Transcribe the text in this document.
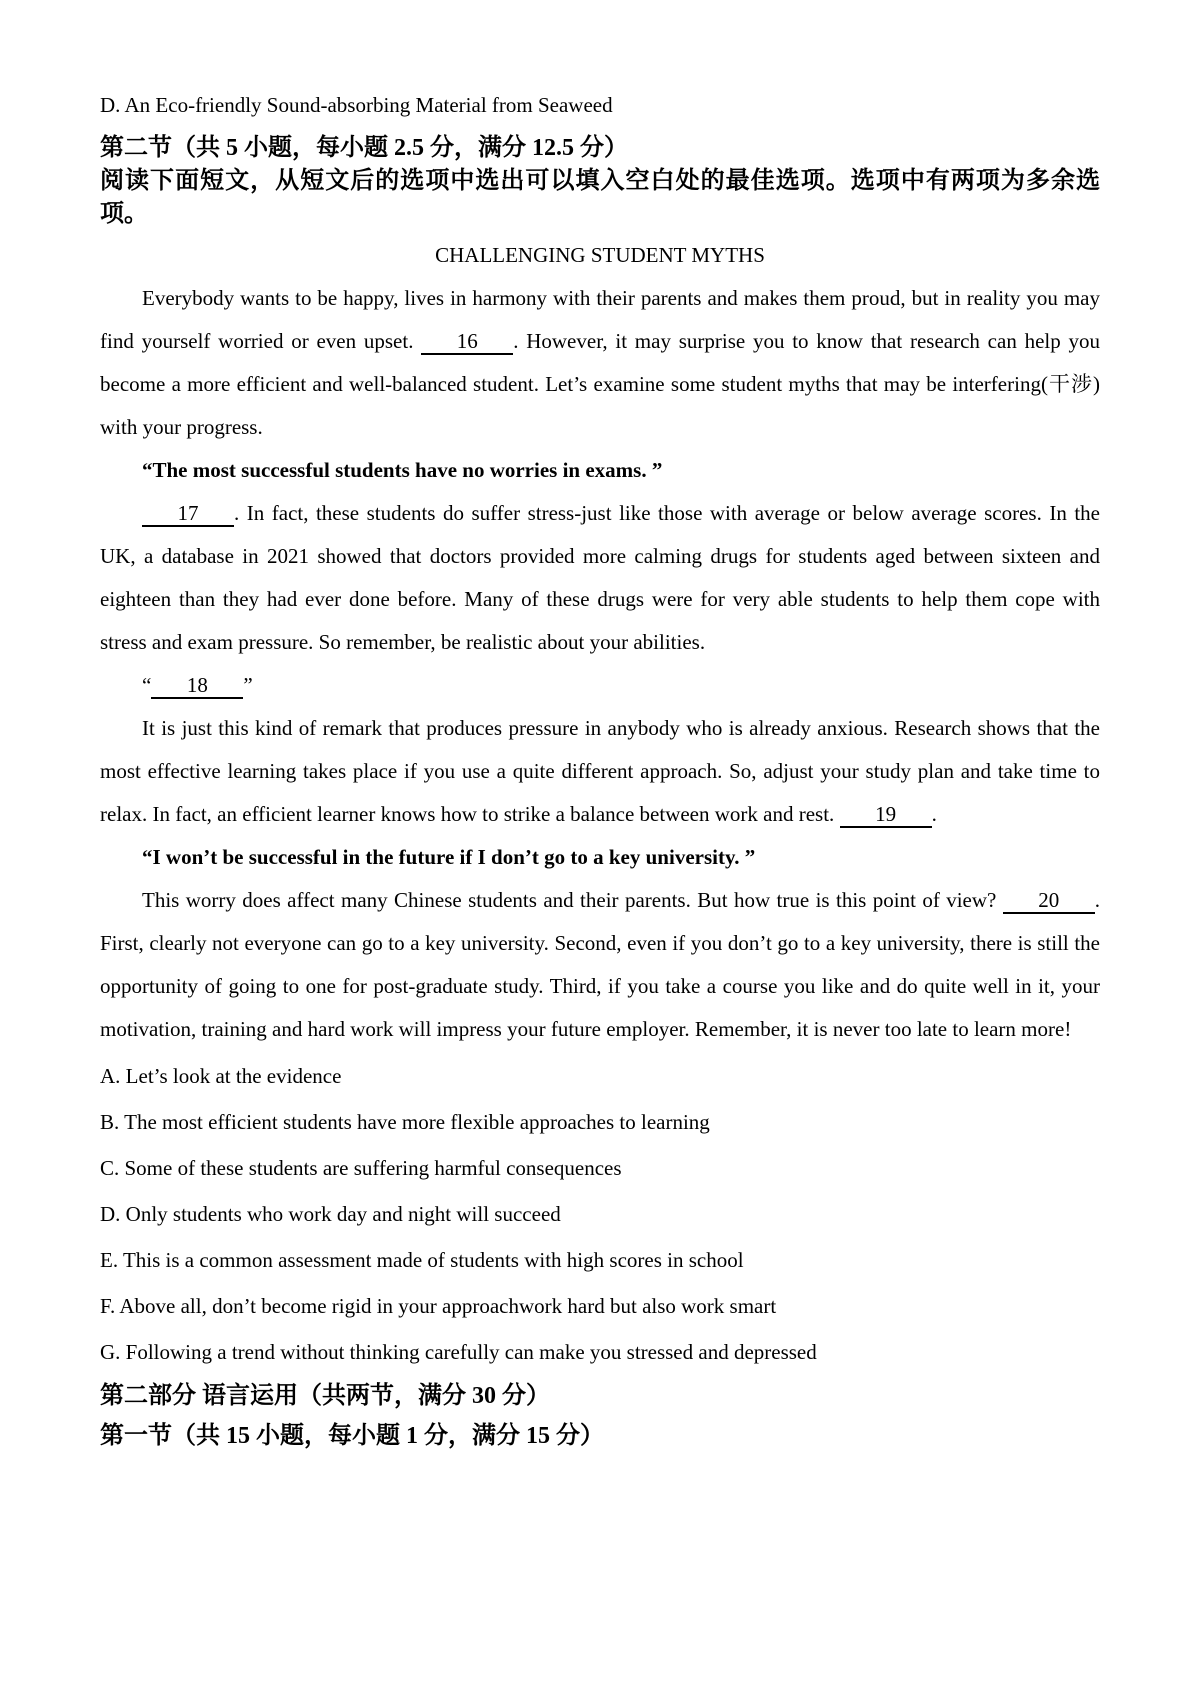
D. An Eco-friendly Sound-absorbing Material from Seaweed

第二节（共 5 小题，每小题 2.5 分，满分 12.5 分）

阅读下面短文，从短文后的选项中选出可以填入空白处的最佳选项。选项中有两项为多余选项。

CHALLENGING STUDENT MYTHS

Everybody wants to be happy, lives in harmony with their parents and makes them proud, but in reality you may find yourself worried or even upset. 16 . However, it may surprise you to know that research can help you become a more efficient and well-balanced student. Let’s examine some student myths that may be interfering(干涉) with your progress.

“The most successful students have no worries in exams. ”

17 . In fact, these students do suffer stress-just like those with average or below average scores. In the UK, a database in 2021 showed that doctors provided more calming drugs for students aged between sixteen and eighteen than they had ever done before. Many of these drugs were for very able students to help them cope with stress and exam pressure. So remember, be realistic about your abilities.

“ 18 ”

It is just this kind of remark that produces pressure in anybody who is already anxious. Research shows that the most effective learning takes place if you use a quite different approach. So, adjust your study plan and take time to relax. In fact, an efficient learner knows how to strike a balance between work and rest. 19 .

“I won’t be successful in the future if I don’t go to a key university. ”

This worry does affect many Chinese students and their parents. But how true is this point of view? 20 . First, clearly not everyone can go to a key university. Second, even if you don’t go to a key university, there is still the opportunity of going to one for post-graduate study. Third, if you take a course you like and do quite well in it, your motivation, training and hard work will impress your future employer. Remember, it is never too late to learn more!

A. Let’s look at the evidence

B. The most efficient students have more flexible approaches to learning

C. Some of these students are suffering harmful consequences

D. Only students who work day and night will succeed

E. This is a common assessment made of students with high scores in school

F. Above all, don’t become rigid in your approachwork hard but also work smart

G. Following a trend without thinking carefully can make you stressed and depressed

第二部分 语言运用（共两节，满分 30 分）

第一节（共 15 小题，每小题 1 分，满分 15 分）
